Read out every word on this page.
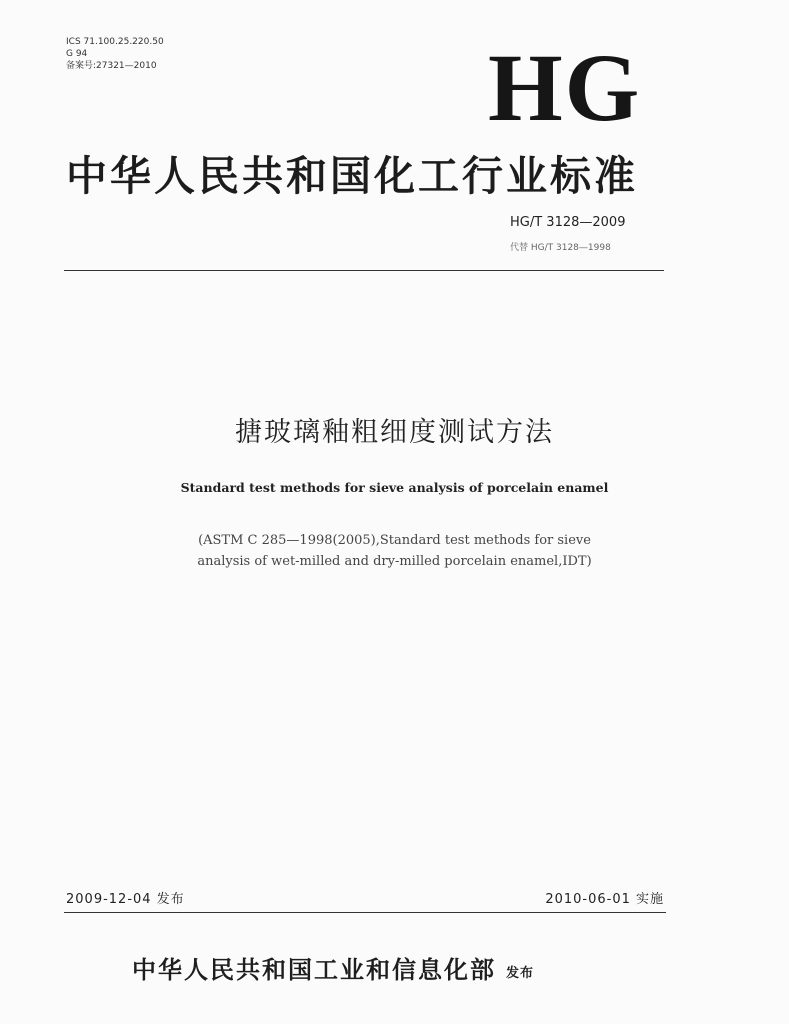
ICS 71.100.25.220.50
G 94
备案号:27321—2010	HG
中华人民共和国化工行业标准
HG/T 3128—2009
代替 HG/T 3128—1998
搪玻璃釉粗细度测试方法
Standard test methods for sieve analysis of porcelain enamel
(ASTM C 285—1998(2005),Standard test methods for sieve
analysis of wet-milled and dry-milled porcelain enamel,IDT)
2009-12-04 发布	2010-06-01 实施
中华人民共和国工业和信息化部 发布
